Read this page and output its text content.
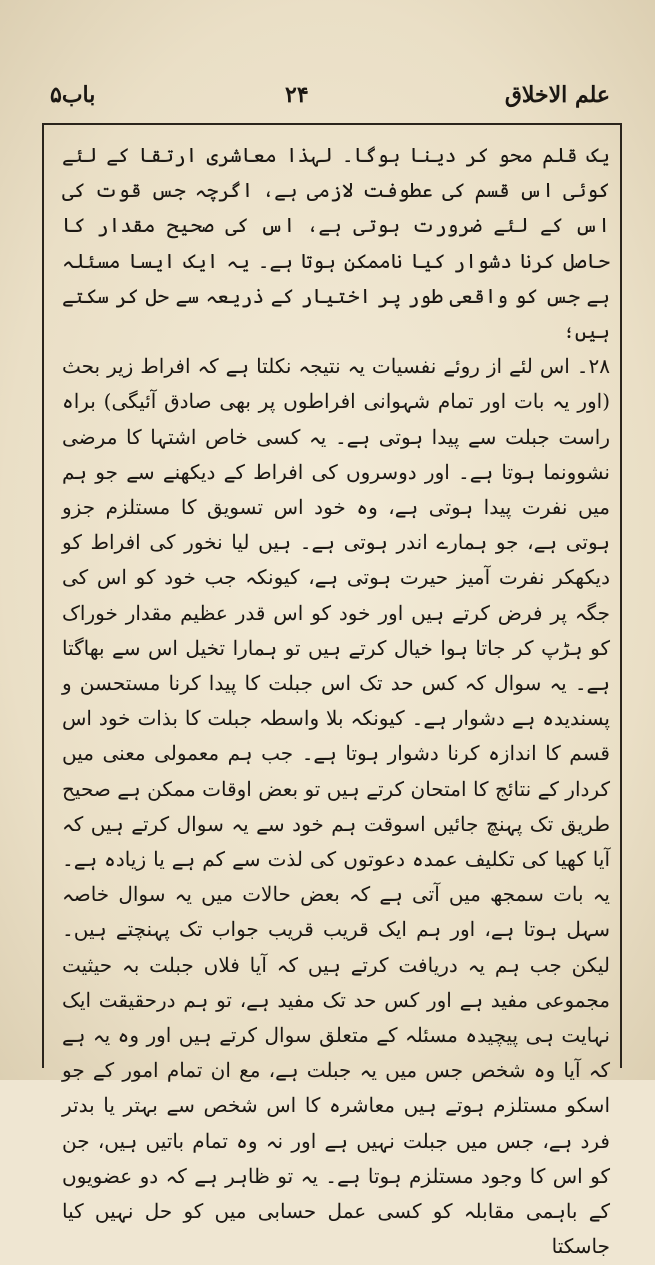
علم الاخلاق
۲۴
باب۵

یک قلم محو کر دینا ہوگا۔ لہذا معاشری ارتقا کے لئے کوئی اس قسم کی عطوفت لازمی ہے، اگرچہ جس قوت کی اس کے لئے ضرورت ہوتی ہے، اس کی صحیح مقدار کا حاصل کرنا دشوار کیا ناممکن ہوتا ہے۔ یہ ایک ایسا مسئلہ ہے جس کو واقعی طور پر اختیار کے ذریعہ سے حل کر سکتے ہیں؛

۲۸۔ اس لئے از روئے نفسیات یہ نتیجہ نکلتا ہے کہ افراط زیر بحث (اور یہ بات اور تمام شہوانی افراطوں پر بھی صادق آئیگی) براہ راست جبلت سے پیدا ہوتی ہے۔ یہ کسی خاص اشتہا کا مرضی نشوونما ہوتا ہے۔ اور دوسروں کی افراط کے دیکھنے سے جو ہم میں نفرت پیدا ہوتی ہے، وہ خود اس تسویق کا مستلزم جزو ہوتی ہے، جو ہمارے اندر ہوتی ہے۔ ہیں لیا نخور کی افراط کو دیکھکر نفرت آمیز حیرت ہوتی ہے، کیونکہ جب خود کو اس کی جگہ پر فرض کرتے ہیں اور خود کو اس قدر عظیم مقدار خوراک کو ہڑپ کر جاتا ہوا خیال کرتے ہیں تو ہمارا تخیل اس سے بھاگتا ہے۔ یہ سوال کہ کس حد تک اس جبلت کا پیدا کرنا مستحسن و پسندیدہ ہے دشوار ہے۔ کیونکہ بلا واسطہ جبلت کا بذات خود اس قسم کا اندازہ کرنا دشوار ہوتا ہے۔ جب ہم معمولی معنی میں کردار کے نتائج کا امتحان کرتے ہیں تو بعض اوقات ممکن ہے صحیح طریق تک پہنچ جائیں اسوقت ہم خود سے یہ سوال کرتے ہیں کہ آیا کھیا کی تکلیف عمدہ دعوتوں کی لذت سے کم ہے یا زیادہ ہے۔ یہ بات سمجھ میں آتی ہے کہ بعض حالات میں یہ سوال خاصہ سہل ہوتا ہے، اور ہم ایک قریب قریب جواب تک پہنچتے ہیں۔ لیکن جب ہم یہ دریافت کرتے ہیں کہ آیا فلاں جبلت بہ حیثیت مجموعی مفید ہے اور کس حد تک مفید ہے، تو ہم درحقیقت ایک نہایت ہی پیچیدہ مسئلہ کے متعلق سوال کرتے ہیں اور وہ یہ ہے کہ آیا وہ شخص جس میں یہ جبلت ہے، مع ان تمام امور کے جو اسکو مستلزم ہوتے ہیں معاشرہ کا اس شخص سے بہتر یا بدتر فرد ہے، جس میں جبلت نہیں ہے اور نہ وہ تمام باتیں ہیں، جن کو اس کا وجود مستلزم ہوتا ہے۔ یہ تو ظاہر ہے کہ دو عضویوں کے باہمی مقابلہ کو کسی عمل حسابی میں کو حل نہیں کیا جاسکتا
